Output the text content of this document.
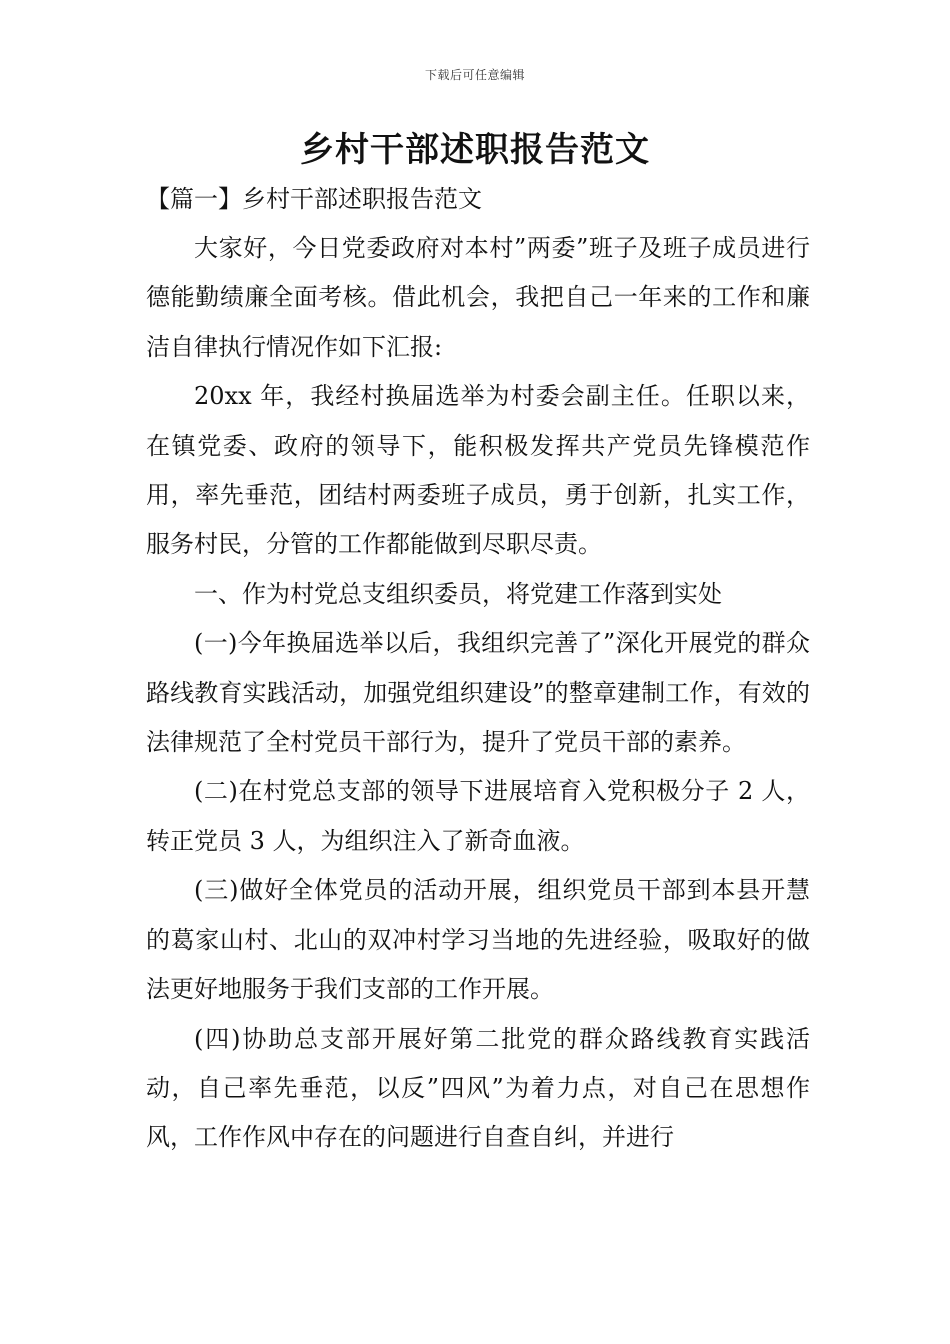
下载后可任意编辑
乡村干部述职报告范文
【篇一】乡村干部述职报告范文

大家好，今日党委政府对本村”两委”班子及班子成员进行德能勤绩廉全面考核。借此机会，我把自己一年来的工作和廉洁自律执行情况作如下汇报:

20xx 年，我经村换届选举为村委会副主任。任职以来，在镇党委、政府的领导下，能积极发挥共产党员先锋模范作用，率先垂范，团结村两委班子成员，勇于创新，扎实工作，服务村民，分管的工作都能做到尽职尽责。

一、作为村党总支组织委员，将党建工作落到实处

(一)今年换届选举以后，我组织完善了”深化开展党的群众路线教育实践活动，加强党组织建设”的整章建制工作，有效的法律规范了全村党员干部行为，提升了党员干部的素养。

(二)在村党总支部的领导下进展培育入党积极分子 2 人，转正党员 3 人，为组织注入了新奇血液。

(三)做好全体党员的活动开展，组织党员干部到本县开慧的葛家山村、北山的双冲村学习当地的先进经验，吸取好的做法更好地服务于我们支部的工作开展。

(四)协助总支部开展好第二批党的群众路线教育实践活动，自己率先垂范，以反”四风”为着力点，对自己在思想作风，工作作风中存在的问题进行自查自纠，并进行
